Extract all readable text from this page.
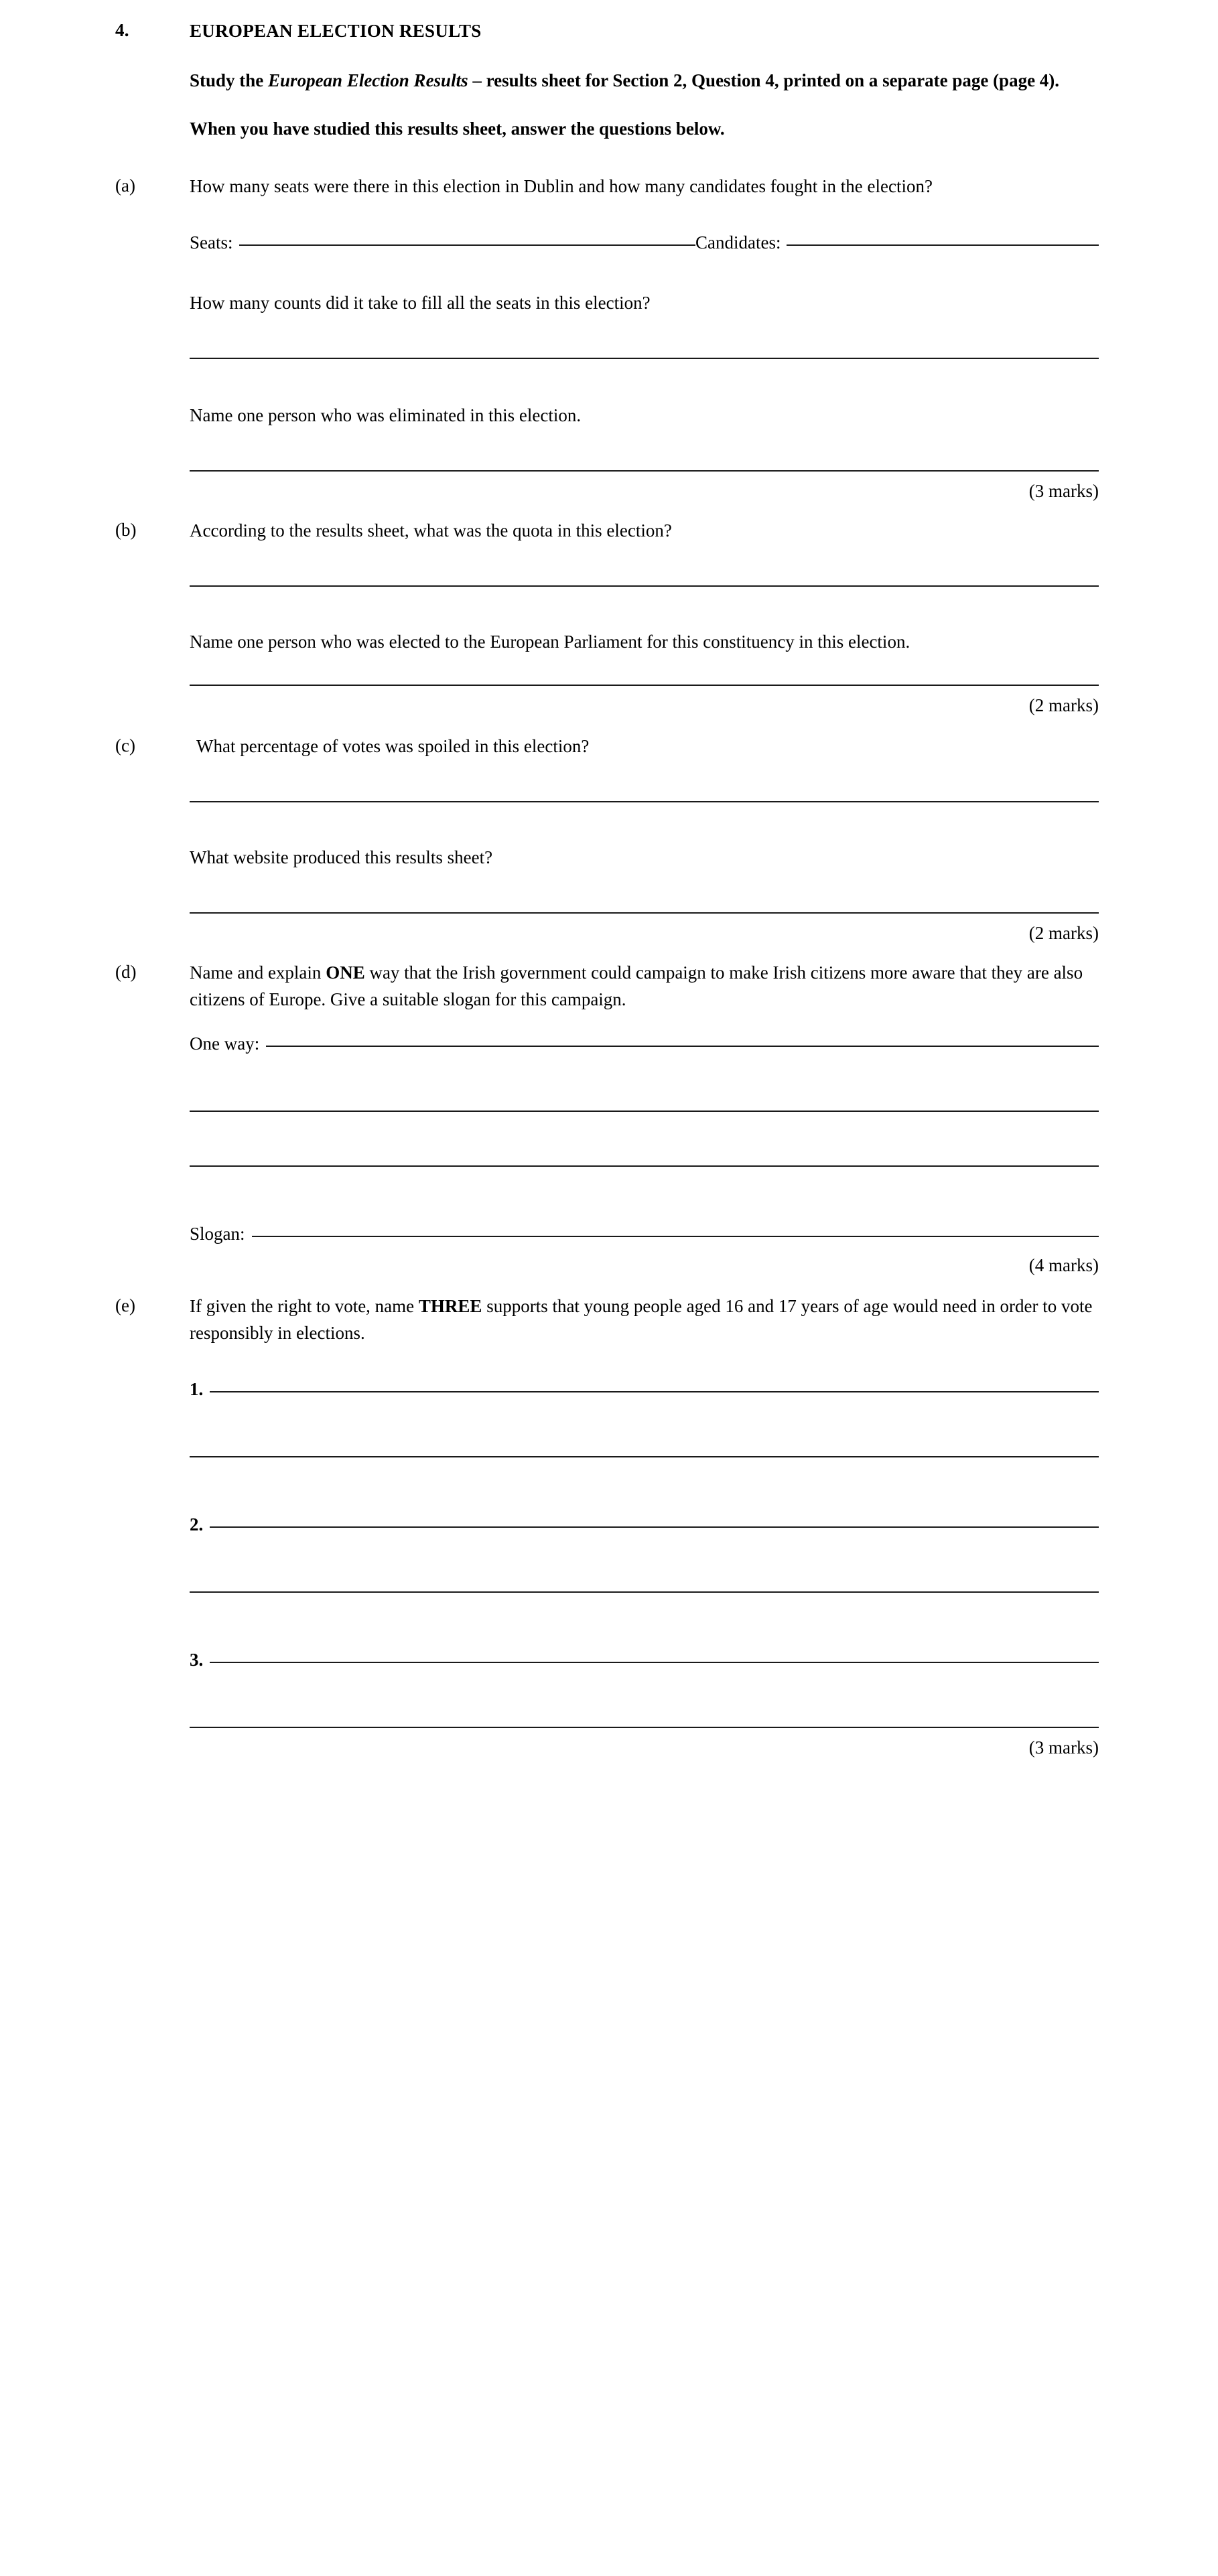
4.	EUROPEAN ELECTION RESULTS
Study the European Election Results – results sheet for Section 2, Question 4, printed on a separate page (page 4).
When you have studied this results sheet, answer the questions below.
(a)	How many seats were there in this election in Dublin and how many candidates fought in the election?
Seats:	Candidates:
How many counts did it take to fill all the seats in this election?
Name one person who was eliminated in this election.
(3 marks)
(b)	According to the results sheet, what was the quota in this election?
Name one person who was elected to the European Parliament for this constituency in this election.
(2 marks)
(c)	What percentage of votes was spoiled in this election?
What website produced this results sheet?
(2 marks)
(d)	Name and explain ONE way that the Irish government could campaign to make Irish citizens more aware that they are also citizens of Europe. Give a suitable slogan for this campaign.
One way:
Slogan:
(4 marks)
(e)	If given the right to vote, name THREE supports that young people aged 16 and 17 years of age would need in order to vote responsibly in elections.
1.
2.
3.
(3 marks)
